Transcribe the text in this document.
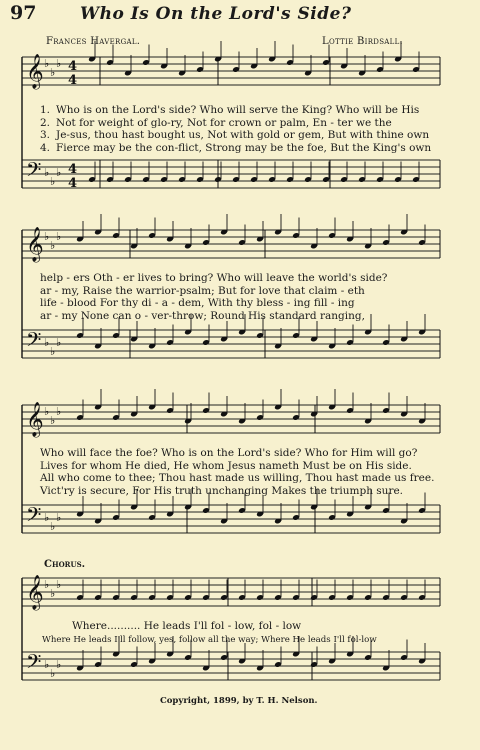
97	Who Is On the Lord's Side?
Frances Havergal.	Lottie Birdsall.
𝄞
𝄢
♭
♭
♭
♭
♭
♭
4
4
4
4
𝄞
𝄢
♭
♭
♭
♭
♭
♭
𝄞
𝄢
♭
♭
♭
♭
♭
♭
𝄞
𝄢
♭
♭
♭
♭
♭
♭
1. Who is on the Lord's side? Who will serve the King? Who will be His
2. Not for weight of glo-ry, Not for crown or palm, En - ter we the
3. Je-sus, thou hast bought us, Not with gold or gem, But with thine own
4. Fierce may be the con-flict, Strong may be the foe, But the King's own
help - ers Oth - er lives to bring? Who will leave the world's side?
ar - my, Raise the warrior-psalm; But for love that claim - eth
life - blood For thy di - a - dem, With thy bless - ing fill - ing
ar - my None can o - ver-throw; Round His standard ranging,
Who will face the foe? Who is on the Lord's side? Who for Him will go?
Lives for whom He died, He whom Jesus nameth Must be on His side.
All who come to thee; Thou hast made us willing, Thou hast made us free.
Vict'ry is secure, For His truth unchanging Makes the triumph sure.
Chorus.
Where.......... He leads I'll fol - low, fol - low
Where He leads I'll follow, yes, follow all the way; Where He leads I'll fol-low
Copyright, 1899, by T. H. Nelson.
